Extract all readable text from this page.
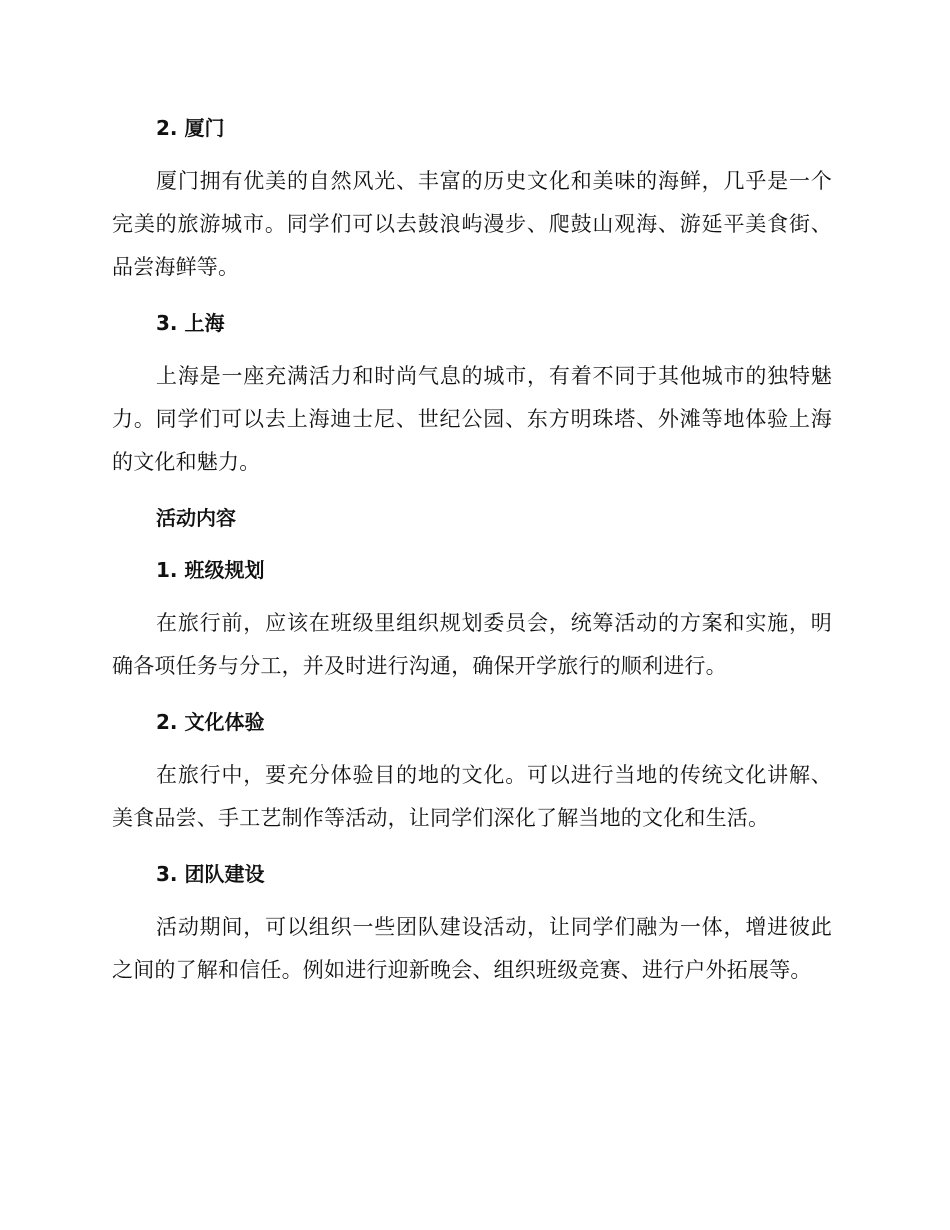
2. 厦门

厦门拥有优美的自然风光、丰富的历史文化和美味的海鲜，几乎是一个完美的旅游城市。同学们可以去鼓浪屿漫步、爬鼓山观海、游延平美食街、品尝海鲜等。

3. 上海

上海是一座充满活力和时尚气息的城市，有着不同于其他城市的独特魅力。同学们可以去上海迪士尼、世纪公园、东方明珠塔、外滩等地体验上海的文化和魅力。

活动内容
1. 班级规划

在旅行前，应该在班级里组织规划委员会，统筹活动的方案和实施，明确各项任务与分工，并及时进行沟通，确保开学旅行的顺利进行。

2. 文化体验

在旅行中，要充分体验目的地的文化。可以进行当地的传统文化讲解、美食品尝、手工艺制作等活动，让同学们深化了解当地的文化和生活。

3. 团队建设

活动期间，可以组织一些团队建设活动，让同学们融为一体，增进彼此之间的了解和信任。例如进行迎新晚会、组织班级竞赛、进行户外拓展等。
